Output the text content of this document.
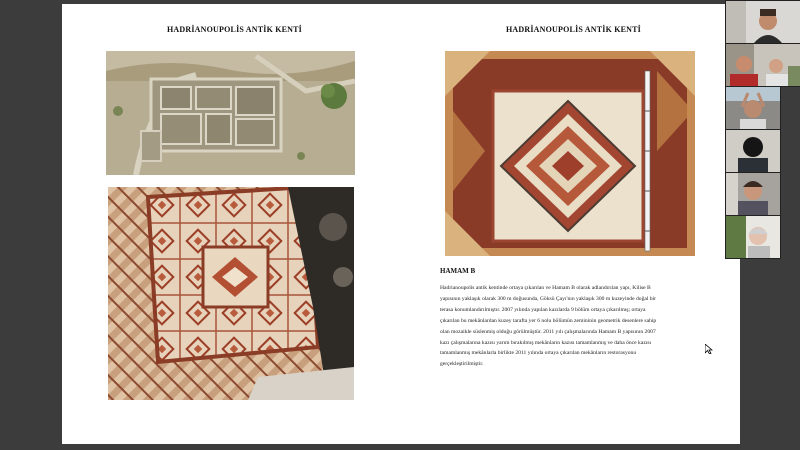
HADRİANOUPOLİS ANTİK KENTİ	HADRİANOUPOLİS ANTİK KENTİ
HAMAM B
Hadrianoupolis antik kentinde ortaya çıkarılan ve Hamam B olarak adlandırılan yapı, Kilise B
yapısının yaklaşık olarak 300 m doğusunda, Göksü Çayı'nın yaklaşık 300 m kuzeyinde doğal bir
terasa konumlandırılmıştır. 2007 yılında yapılan kazılarda 9 bölüm ortaya çıkarılmış; ortaya
çıkarılan bu mekânlardan kuzey tarafta yer 6 nolu bölümün zemininin geometrik desenlere sahip
olan mozaikle süslenmiş olduğu görülmüştür. 2011 yılı çalışmalarında Hamam B yapısının 2007
kazı çalışmalarına kazısı yarım bırakılmış mekânların kazısı tamamlanmış ve daha önce kazısı
tamamlanmış mekânlarla birlikte 2011 yılında ortaya çıkarılan mekânların restorasyonu
gerçekleştirilmiştir.
